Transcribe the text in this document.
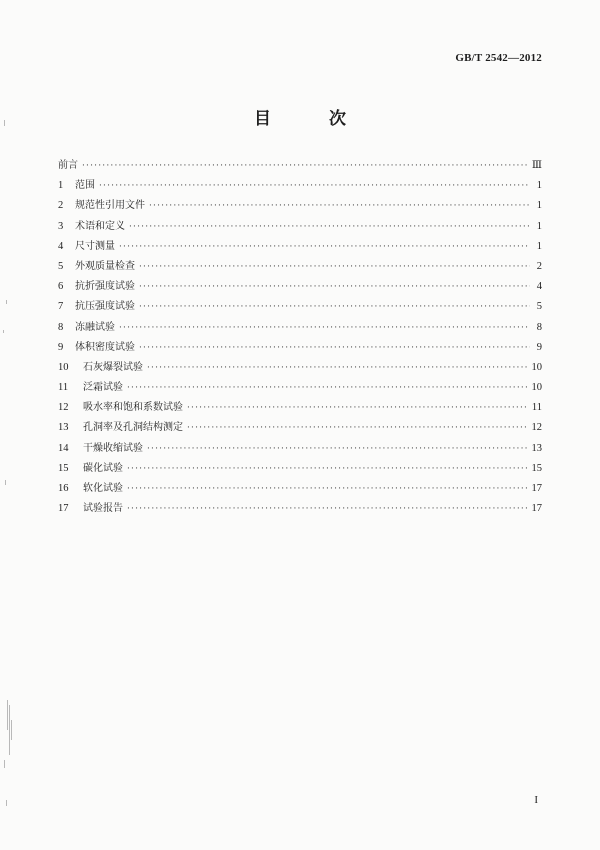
GB/T 2542—2012
目 次
前言 ·····	Ⅲ
1	范围 ·····	1
2	规范性引用文件 ·····	1
3	术语和定义 ·····	1
4	尺寸测量 ·····	1
5	外观质量检查 ·····	2
6	抗折强度试验 ·····	4
7	抗压强度试验 ·····	5
8	冻融试验 ·····	8
9	体积密度试验 ·····	9
10	石灰爆裂试验 ·····	10
11	泛霜试验 ·····	10
12	吸水率和饱和系数试验 ·····	11
13	孔洞率及孔洞结构测定 ·····	12
14	干燥收缩试验 ·····	13
15	碳化试验 ·····	15
16	软化试验 ·····	17
17	试验报告 ·····	17
I
